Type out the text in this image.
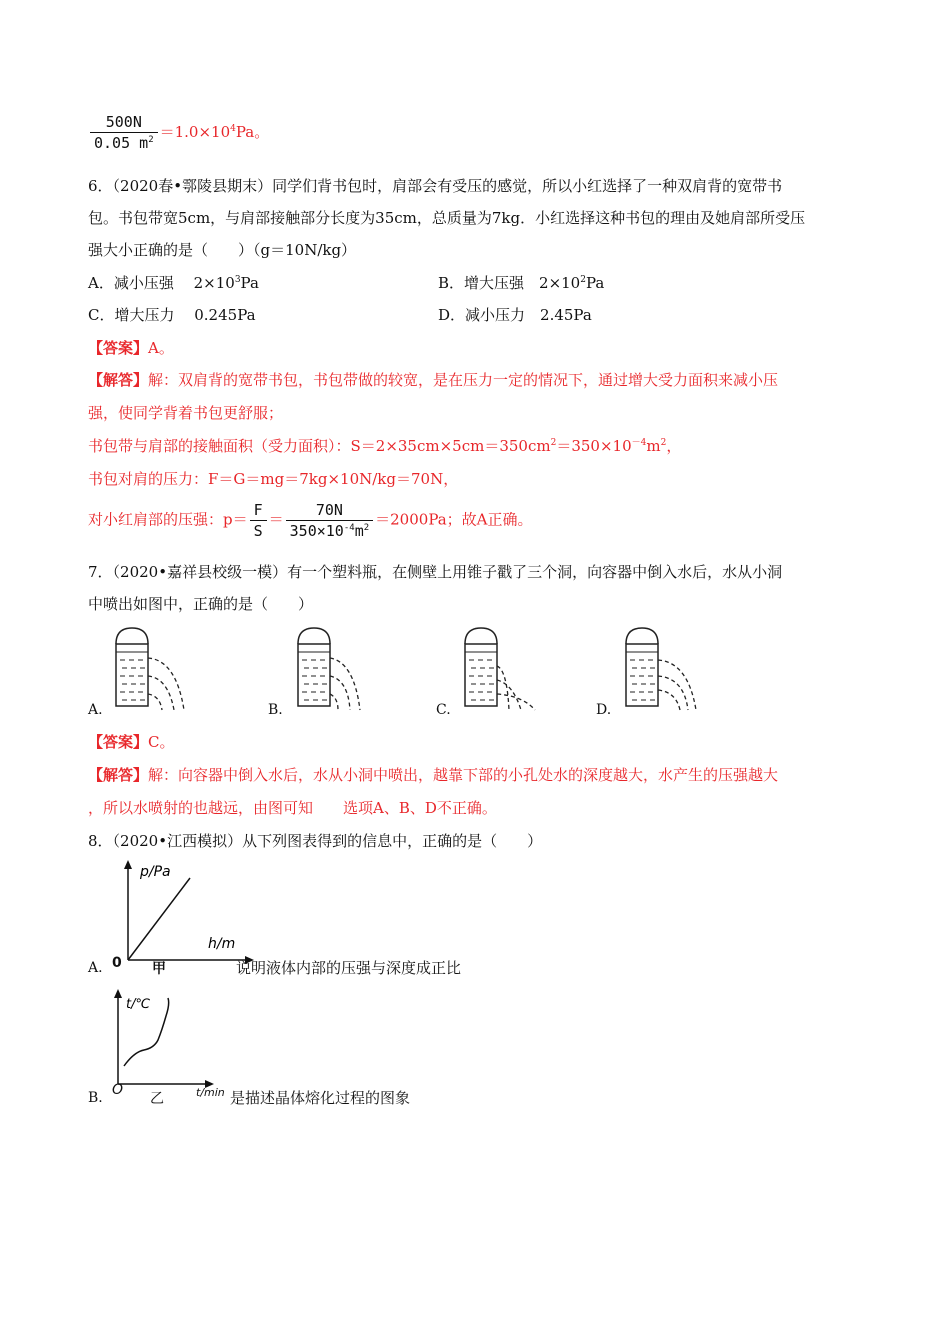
$\frac{500N}{0.05 m^2} =1.0\times 10^4Pa$。
6．（2020春•鄠陵县期末）同学们背书包时，肩部会有受压的感觉，所以小红选择了一种双肩背的宽带书
包。书包带宽5cm，与肩部接触部分长度为35cm，总质量为7kg．小红选择这种书包的理由及她肩部所受压
强大小正确的是（　　）（g＝10N/kg）
A．减小压强　 $2\times 10^3Pa$	B．增大压强　$2\times 10^2Pa$
C．增大压力　 0.245Pa	D．减小压力　2.45Pa
【答案】A。
【解答】解：双肩背的宽带书包，书包带做的较宽，是在压力一定的情况下，通过增大受力面积来减小压
强，使同学背着书包更舒服；
书包带与肩部的接触面积（受力面积）：$S=2\times 35cm\times 5cm=350cm^2=350\times 10^{-4}m^2$，
书包对肩的压力：F＝G＝mg＝7kg×10N/kg＝70N，
对小红肩部的压强：$p= \frac{F}{S} = \frac{70N}{350\times 10^{-4}m^2} =2000Pa$；故A正确。
7．（2020•嘉祥县校级一模）有一个塑料瓶，在侧壁上用锥子戳了三个洞，向容器中倒入水后，水从小洞
中喷出如图中，正确的是（　　）
A.	B.	C.	D.
【答案】C。
【解答】解：向容器中倒入水后，水从小洞中喷出，越靠下部的小孔处水的深度越大，水产生的压强越大
，所以水喷射的也越远，由图可知　　选项A、B、D不正确。
8．（2020•江西模拟）从下列图表得到的信息中，正确的是（　　）
p/Pa
h/m
A. 0 甲	说明液体内部的压强与深度成正比
t/℃
B. O
乙	t/min 是描述晶体熔化过程的图象
